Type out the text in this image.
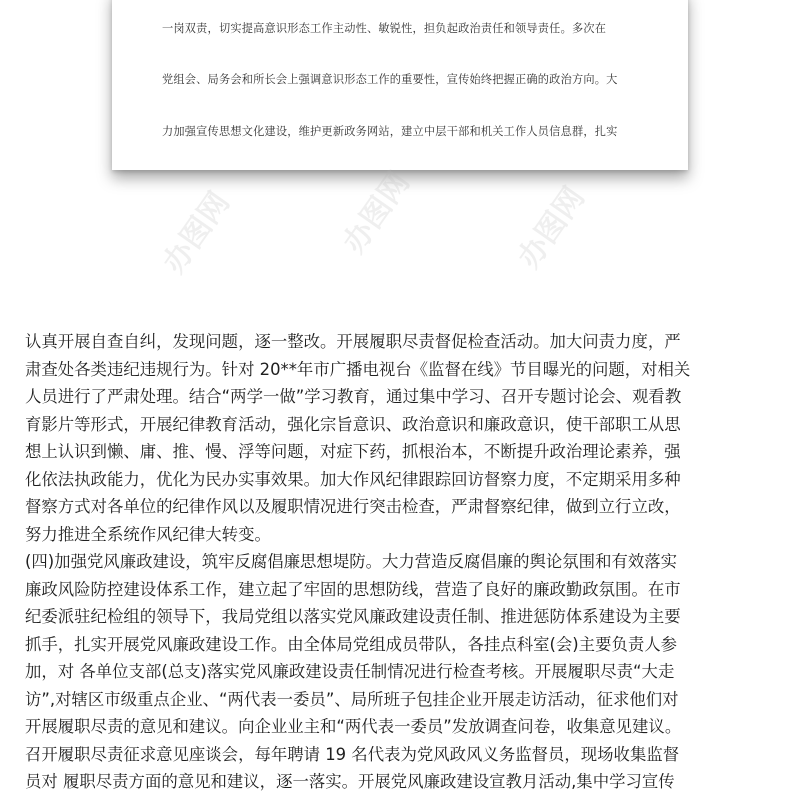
一岗双责，切实提高意识形态工作主动性、敏锐性，担负起政治责任和领导责任。多次在

党组会、局务会和所长会上强调意识形态工作的重要性，宣传始终把握正确的政治方向。大

力加强宣传思想文化建设，维护更新政务网站，建立中层干部和机关工作人员信息群，扎实

办图网	办图网	办图网
认真开展自查自纠，发现问题，逐一整改。开展履职尽责督促检查活动。加大问责力度，严
肃查处各类违纪违规行为。针对 20**年市广播电视台《监督在线》节目曝光的问题，对相关
人员进行了严肃处理。结合“两学一做”学习教育，通过集中学习、召开专题讨论会、观看教
育影片等形式，开展纪律教育活动，强化宗旨意识、政治意识和廉政意识，使干部职工从思
想上认识到懒、庸、推、慢、浮等问题，对症下药，抓根治本，不断提升政治理论素养，强
化依法执政能力，优化为民办实事效果。加大作风纪律跟踪回访督察力度，不定期采用多种
督察方式对各单位的纪律作风以及履职情况进行突击检查，严肃督察纪律，做到立行立改，
努力推进全系统作风纪律大转变。
(四)加强党风廉政建设，筑牢反腐倡廉思想堤防。大力营造反腐倡廉的舆论氛围和有效落实
廉政风险防控建设体系工作，建立起了牢固的思想防线，营造了良好的廉政勤政氛围。在市
纪委派驻纪检组的领导下，我局党组以落实党风廉政建设责任制、推进惩防体系建设为主要
抓手，扎实开展党风廉政建设工作。由全体局党组成员带队，各挂点科室(会)主要负责人参
加，对 各单位支部(总支)落实党风廉政建设责任制情况进行检查考核。开展履职尽责“大走
访”,对辖区市级重点企业、“两代表一委员”、局所班子包挂企业开展走访活动，征求他们对
开展履职尽责的意见和建议。向企业业主和“两代表一委员”发放调查问卷，收集意见建议。
召开履职尽责征求意见座谈会，每年聘请 19 名代表为党风政风义务监督员，现场收集监督
员对 履职尽责方面的意见和建议，逐一落实。开展党风廉政建设宣教月活动,集中学习宣传
